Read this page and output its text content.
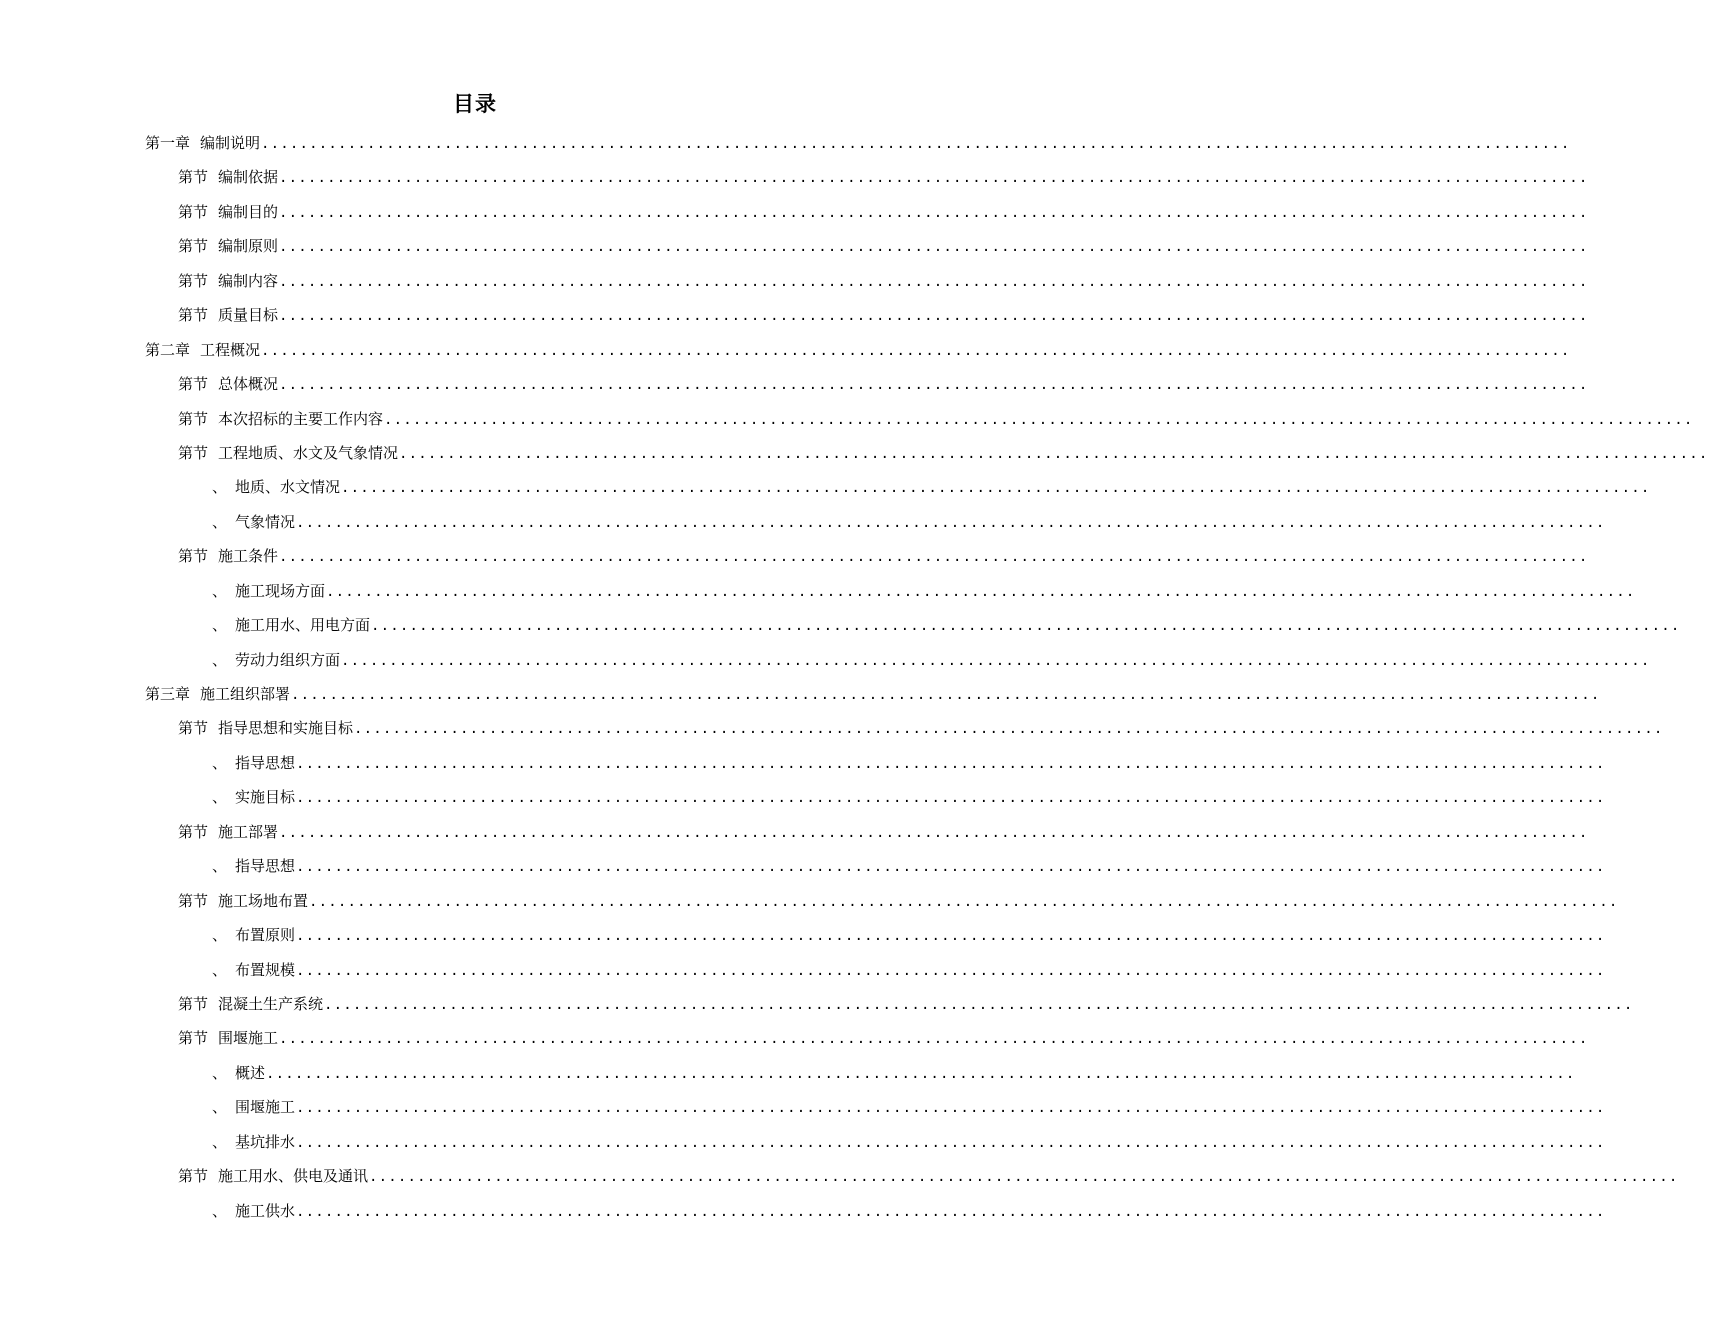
目录
第一章 编制说明 ........................................................................................................................................
第节 编制依据 ........................................................................................................................................
第节 编制目的 ........................................................................................................................................
第节 编制原则 ........................................................................................................................................
第节 编制内容 ........................................................................................................................................
第节 质量目标 ........................................................................................................................................
第二章 工程概况 ........................................................................................................................................
第节 总体概况 ........................................................................................................................................
第节 本次招标的主要工作内容 ........................................................................................................................................
第节 工程地质、水文及气象情况 ........................................................................................................................................
、 地质、水文情况 ........................................................................................................................................
、 气象情况 ........................................................................................................................................
第节 施工条件 ........................................................................................................................................
、 施工现场方面 ........................................................................................................................................
、 施工用水、用电方面 ........................................................................................................................................
、 劳动力组织方面 ........................................................................................................................................
第三章 施工组织部署 ........................................................................................................................................
第节 指导思想和实施目标 ........................................................................................................................................
、 指导思想 ........................................................................................................................................
、 实施目标 ........................................................................................................................................
第节 施工部署 ........................................................................................................................................
、 指导思想 ........................................................................................................................................
第节 施工场地布置 ........................................................................................................................................
、 布置原则 ........................................................................................................................................
、 布置规模 ........................................................................................................................................
第节 混凝土生产系统 ........................................................................................................................................
第节 围堰施工 ........................................................................................................................................
、 概述 ........................................................................................................................................
、 围堰施工 ........................................................................................................................................
、 基坑排水 ........................................................................................................................................
第节 施工用水、供电及通讯 ........................................................................................................................................
、 施工供水 ........................................................................................................................................
